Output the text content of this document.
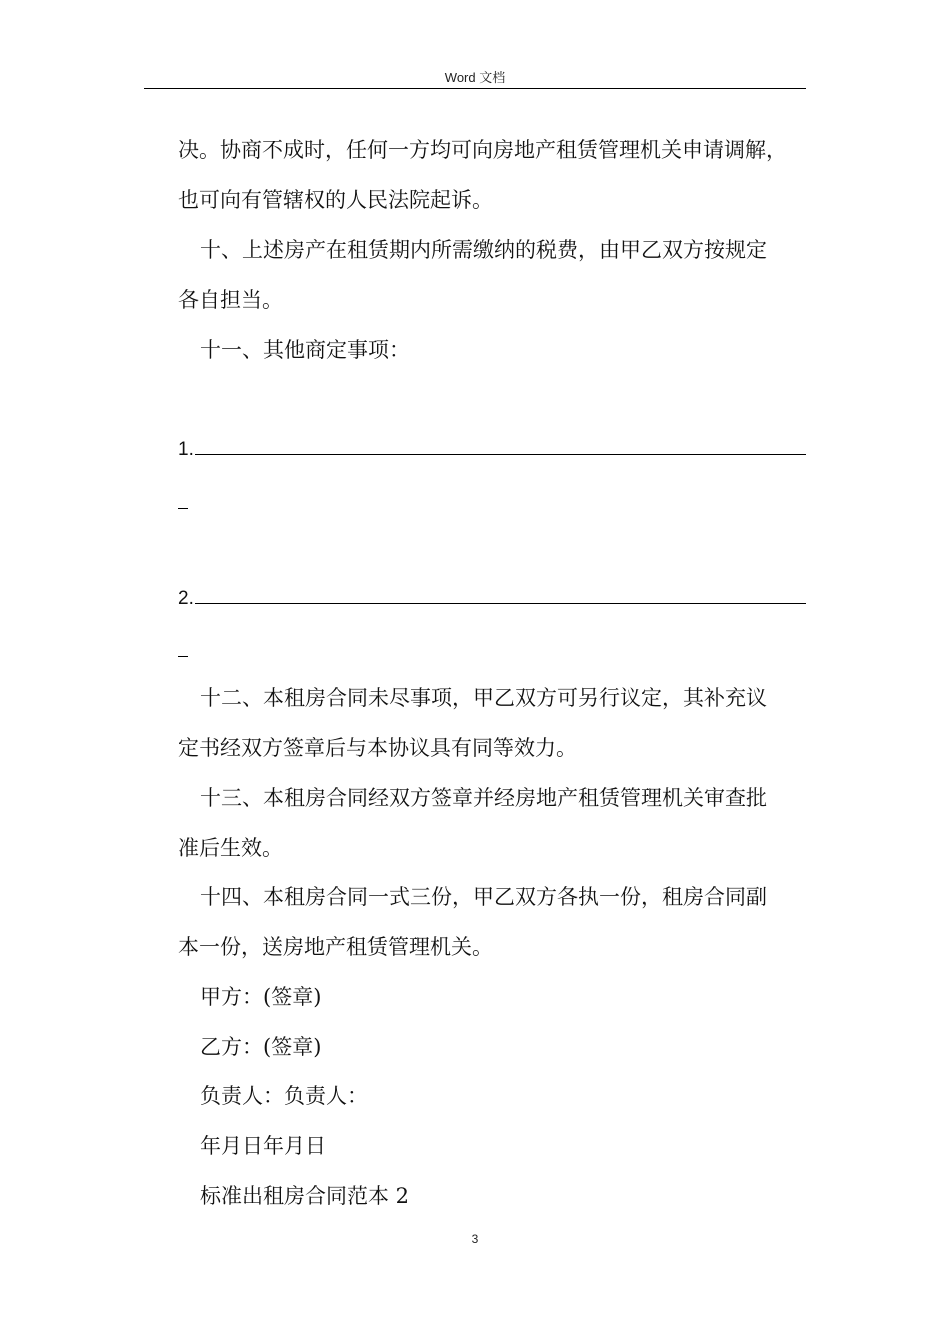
Word 文档
决。协商不成时，任何一方均可向房地产租赁管理机关申请调解，
也可向有管辖权的人民法院起诉。
十、上述房产在租赁期内所需缴纳的税费，由甲乙双方按规定
各自担当。
十一、其他商定事项：
1.
2.
十二、本租房合同未尽事项，甲乙双方可另行议定，其补充议
定书经双方签章后与本协议具有同等效力。
十三、本租房合同经双方签章并经房地产租赁管理机关审查批
准后生效。
十四、本租房合同一式三份，甲乙双方各执一份，租房合同副
本一份，送房地产租赁管理机关。
甲方：(签章)
乙方：(签章)
负责人：负责人：
年月日年月日
标准出租房合同范本 2
3
